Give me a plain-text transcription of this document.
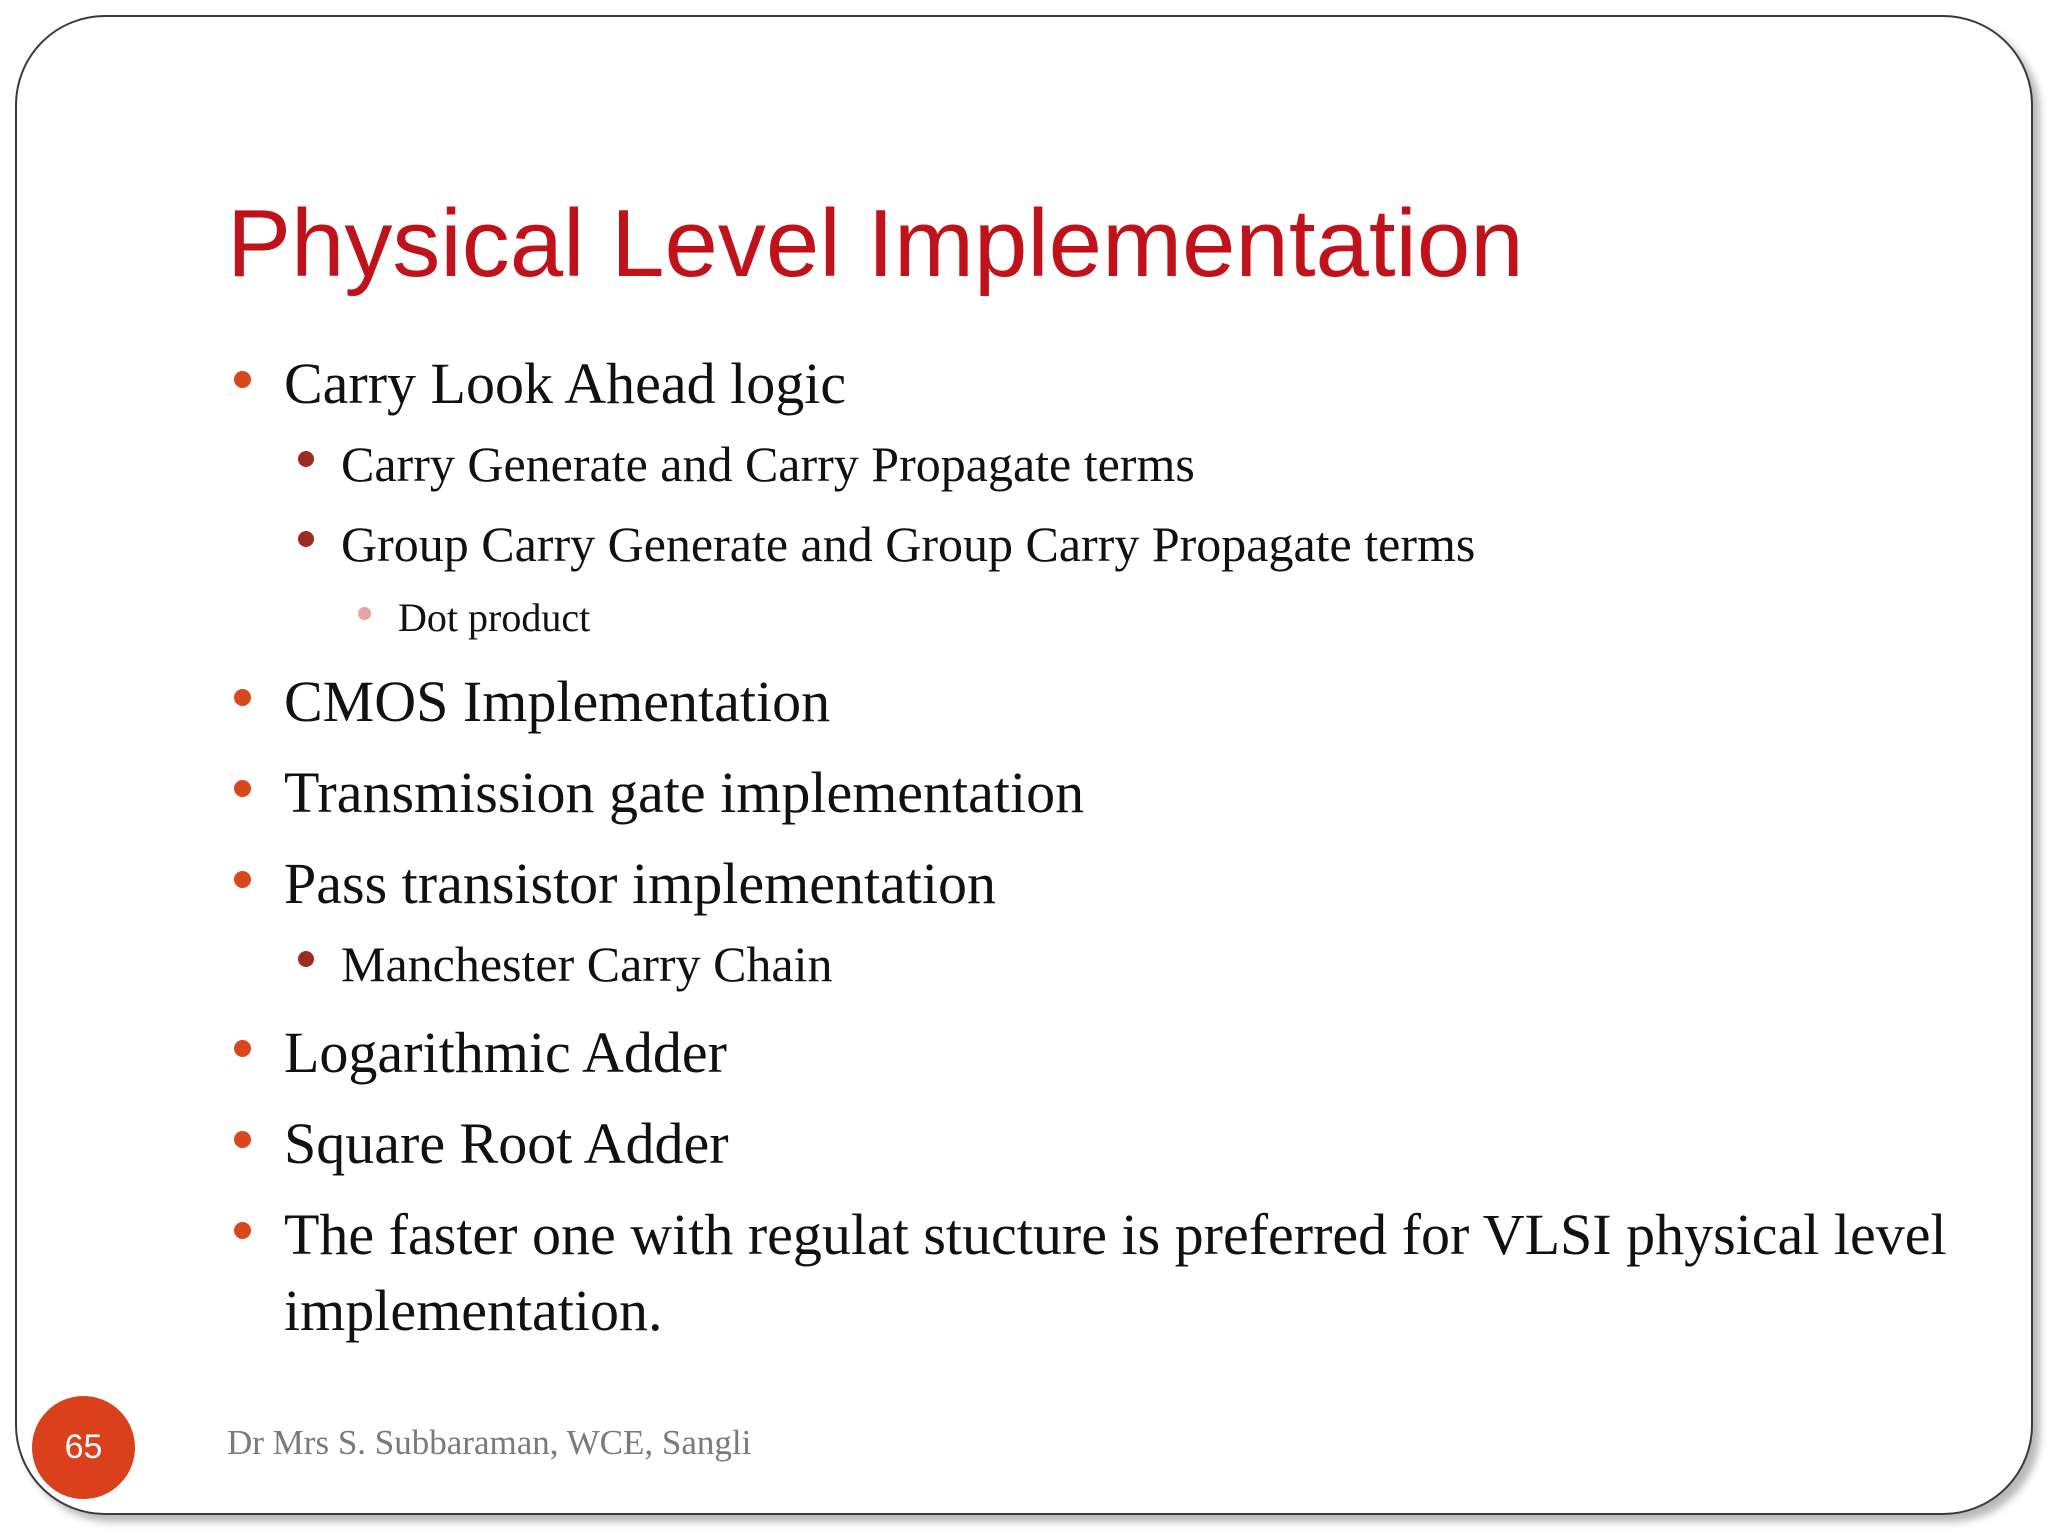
Physical Level Implementation
Carry Look Ahead logic
Carry Generate and Carry Propagate terms
Group Carry Generate and Group Carry Propagate terms
Dot product
CMOS Implementation
Transmission gate implementation
Pass transistor implementation
Manchester Carry Chain
Logarithmic Adder
Square Root Adder
The faster one with regulat stucture is preferred for VLSI physical level implementation.
65	Dr Mrs S. Subbaraman, WCE, Sangli
